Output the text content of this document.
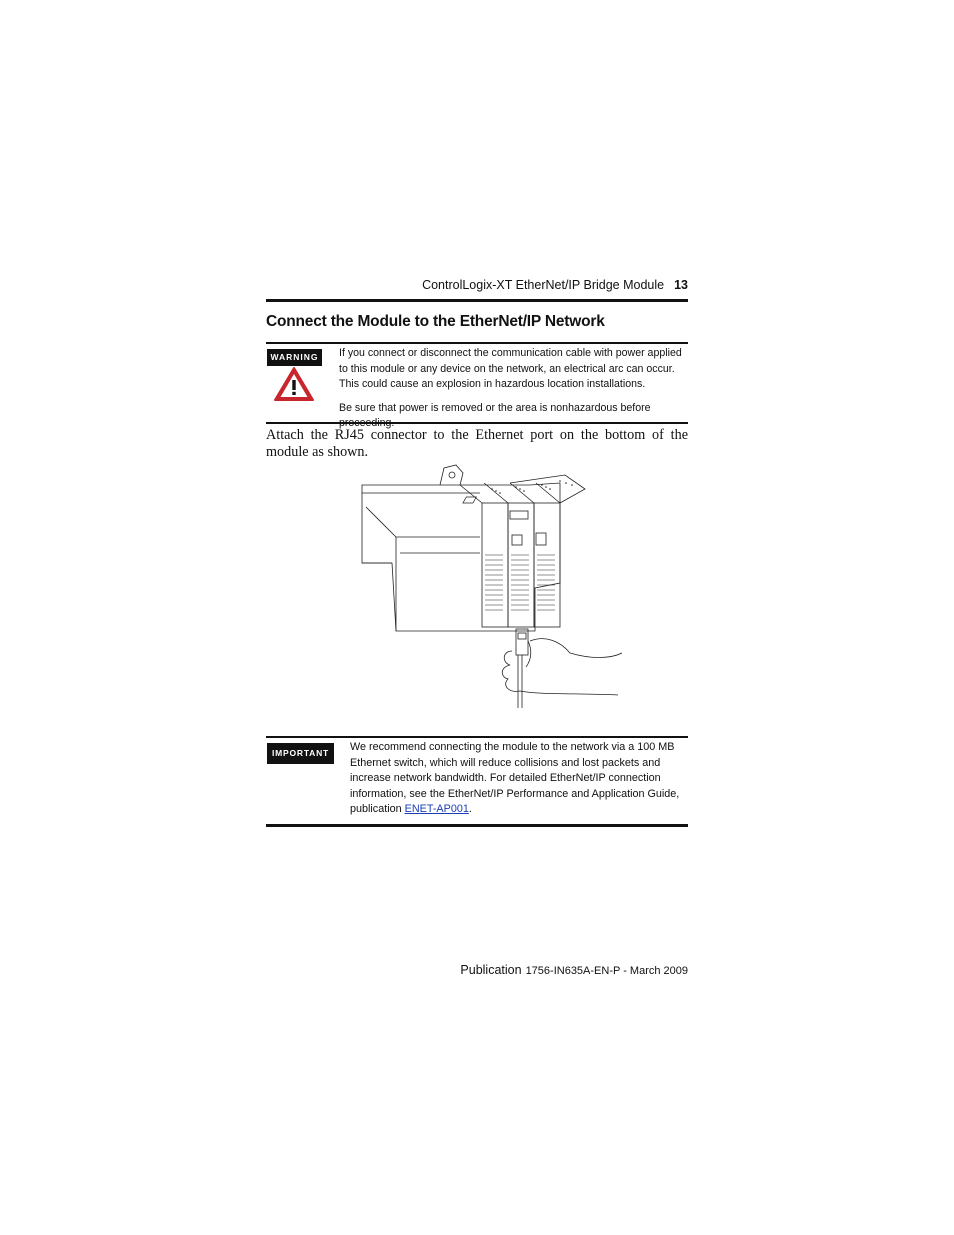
ControlLogix-XT EtherNet/IP Bridge Module 13
Connect the Module to the EtherNet/IP Network
WARNING	If you connect or disconnect the communication cable with power applied to this module or any device on the network, an electrical arc can occur. This could cause an explosion in hazardous location installations.

Be sure that power is removed or the area is nonhazardous before

Attach the RJ45 connector to the Ethernet port on the bottom of the module as shown.
IMPORTANT	We recommend connecting the module to the network via a 100 MB Ethernet switch, which will reduce collisions and lost packets and increase network bandwidth. For detailed EtherNet/IP connection information, see the EtherNet/IP Performance and Application Guide, publication ENET-AP001.
Publication 1756-IN635A-EN-P - March 2009
